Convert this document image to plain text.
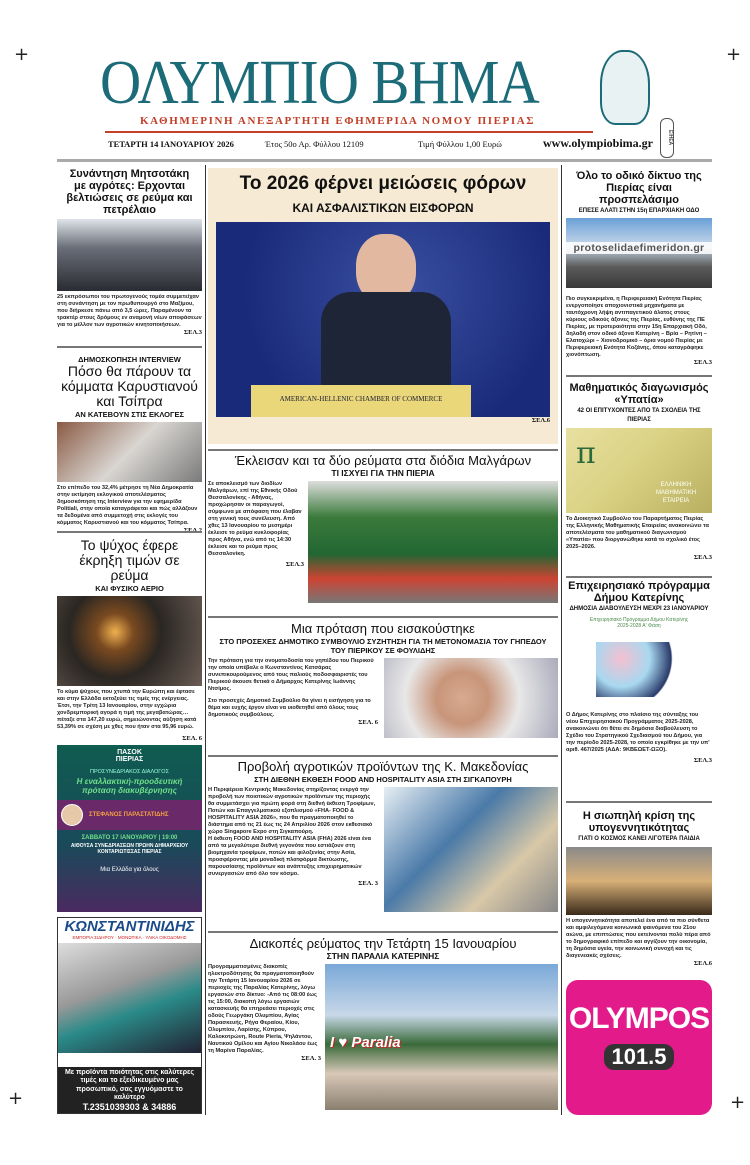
+	+
+	+
ΟΛΥΜΠΙΟ ΒΗΜΑ
ΚΑΘΗΜΕΡΙΝΗ ΑΝΕΞΑΡΤΗΤΗ ΕΦΗΜΕΡΙΔΑ ΝΟΜΟΥ ΠΙΕΡΙΑΣ
ΤΕΤΑΡΤΗ 14 ΙΑΝΟΥΑΡΙΟΥ 2026	Έτος 50ο Αρ. Φύλλου 12109	Τιμή Φύλλου 1,00 Ευρώ	www.olympiobima.gr	ΕΙΗΕΑ
Συνάντηση Μητσοτάκη με αγρότες: Ερχονται βελτιώσεις σε ρεύμα και πετρέλαιο
25 εκπρόσωποι του πρωτογενούς τομέα συμμετείχαν στη συνάντηση με τον πρωθυπουργό στο Μαξίμου, που διήρκεσε πάνω από 3,5 ώρες. Παραμένουν τα τρακτέρ στους δρόμους εν αναμονή νέων αποφάσεων για το μέλλον των αγροτικών κινητοποιήσεων.
ΣΕΛ.3
ΔΗΜΟΣΚΟΠΗΣΗ INTERVIEW
Πόσο θα πάρουν τα κόμματα Καρυστιανού και Τσίπρα
ΑΝ ΚΑΤΕΒΟΥΝ ΣΤΙΣ ΕΚΛΟΓΕΣ
Στο επίπεδο του 32,4% μέτρησε τη Νέα Δημοκρατία στην εκτίμηση εκλογικού αποτελέσματος δημοσκόπηση της Interview για την εφημερίδα Politiali, στην οποία καταγράφεται και πώς αλλάζουν τα δεδομένα από συμμετοχή στις εκλογές του κόμματος Καρυστιανού και του κόμματος Τσίπρα.
Το ψύχος έφερε έκρηξη τιμών σε ρεύμα
ΚΑΙ ΦΥΣΙΚΟ ΑΕΡΙΟ
Το κύμα ψύχους που χτυπά την Ευρώπη και έφτασε και στην Ελλάδα εκτοξεύει τις τιμές της ενέργειας. Έτσι, την Τρίτη 13 Ιανουαρίου, στην εγχώρια χονδρεμπορική αγορά η τιμή της μεγαβατώρας… πέταξε στα 147,20 ευρώ, σημειώνοντας αύξηση κατά 53,39% σε σχέση με χθες που ήταν στα 95,96 ευρώ.
ΣΕΛ. 6
ΠΑΣΟΚ
ΠΙΕΡΙΑΣ
ΠΡΟΣΥΝΕΔΡΙΑΚΟΣ ΔΙΑΛΟΓΟΣ
Η εναλλακτική-προοδευτική πρόταση διακυβέρνησης
ΣΤΕΦΑΝΟΣ ΠΑΡΑΣΤΑΤΙΔΗΣ
ΣΑΒΒΑΤΟ 17 ΙΑΝΟΥΑΡΙΟΥ | 19:00
ΑΙΘΟΥΣΑ ΣΥΝΕΔΡΙΑΣΕΩΝ ΠΡΩΗΝ ΔΗΜΑΡΧΕΙΟΥ ΚΟΝΤΑΡΙΩΤΙΣΣΑΣ ΠΙΕΡΙΑΣ
Μια Ελλάδα για όλους
ΚΩΝΣΤΑΝΤΙΝΙΔΗΣ
ΕΜΠΟΡΙΑ ΣΙΔΗΡΟΥ · ΜΟΝΩΤΙΚΑ · ΥΛΙΚΑ ΟΙΚΟΔΟΜΗΣ
Με προϊόντα ποιότητας στις καλύτερες τιμές και το εξειδικευμένο μας προσωπικό, σας εγγυόμαστε το καλύτερο
Τ.2351039303 & 34886
Το 2026 φέρνει μειώσεις φόρων
ΚΑΙ ΑΣΦΑΛΙΣΤΙΚΩΝ ΕΙΣΦΟΡΩΝ
AMERICAN-HELLENIC CHAMBER OF COMMERCE
ΣΕΛ.6
Έκλεισαν και τα δύο ρεύματα στα διόδια Μαλγάρων
ΤΙ ΙΣΧΥΕΙ ΓΙΑ ΤΗΝ ΠΙΕΡΙΑ
Σε αποκλεισμό των διοδίων Μαλγάρων, επί της Εθνικής Οδού Θεσσαλονίκης - Αθήνας, προχώρησαν οι παραγωγοί, σύμφωνα με απόφαση που έλαβαν στη γενική τους συνέλευση. Από χθες 13 Ιανουαρίου το μεσημέρι έκλεισε το ρεύμα κυκλοφορίας προς Αθήνα, ενώ από τις 14:30 έκλεισε και το ρεύμα προς Θεσσαλονίκη.
ΣΕΛ.3
Μια πρόταση που εισακούστηκε
ΣΤΟ ΠΡΟΣΕΧΕΣ ΔΗΜΟΤΙΚΟ ΣΥΜΒΟΥΛΙΟ ΣΥΖΗΤΗΣΗ ΓΙΑ ΤΗ ΜΕΤΟΝΟΜΑΣΙΑ ΤΟΥ ΓΗΠΕΔΟΥ ΤΟΥ ΠΙΕΡΙΚΟΥ ΣΕ ΦΟΥΛΙΔΗΣ
Την πρόταση για την ονοματοδοσία του γηπέδου του Πιερικού την οποία υπέβαλε ο Κωνσταντίνος Κατσάρας συνεπικουρούμενος από τους παλιούς ποδοσφαιριστές του Πιερικού άκουσε θετικά ο Δήμαρχος Κατερίνης Ιωάννης Ντσίμος.
Στο προσεχές Δημοτικό Συμβούλιο θα γίνει η εισήγηση για το θέμα και ευχής έργον είναι να υιοθετηθεί από όλους τους δημοτικούς συμβούλους.
ΣΕΛ. 6
Προβολή αγροτικών προϊόντων της Κ. Μακεδονίας
ΣΤΗ ΔΙΕΘΝΗ ΕΚΘΕΣΗ FOOD AND HOSPITALITY ASIA ΣΤΗ ΣΙΓΚΑΠΟΥΡΗ
Η Περιφέρεια Κεντρικής Μακεδονίας στηρίζοντας ενεργά την προβολή των ποιοτικών αγροτικών προϊόντων της περιοχής θα συμμετάσχει για πρώτη φορά στη διεθνή έκθεση Τροφίμων, Ποτών και Επαγγελματικού εξοπλισμού «FHA- FOOD & HOSPITALITY ASIA 2026», που θα πραγματοποιηθεί το διάστημα από τις 21 έως τις 24 Απριλίου 2026 στον εκθεσιακό χώρο Singapore Expo στη Σιγκαπούρη.
Η έκθεση FOOD AND HOSPITALITY ASIA (FHA) 2026 είναι ένα από τα μεγαλύτερα διεθνή γεγονότα που εστιάζουν στη βιομηχανία τροφίμων, ποτών και φιλοξενίας στην Ασία, προσφέροντας μία μοναδική πλατφόρμα δικτύωσης, παρουσίασης προϊόντων και ανάπτυξης επιχειρηματικών συνεργασιών από όλο τον κόσμο.
ΣΕΛ. 3
Διακοπές ρεύματος την Τετάρτη 15 Ιανουαρίου
ΣΤΗΝ ΠΑΡΑΛΙΑ ΚΑΤΕΡΙΝΗΣ
Προγραμματισμένες διακοπές ηλεκτροδότησης θα πραγματοποιηθούν την Τετάρτη 15 Ιανουαρίου 2026 σε περιοχές της Παραλίας Κατερίνης, λόγω εργασιών στο δίκτυο: -Από τις 08:00 έως τις 15:00, διακοπή λόγω εργασιών κατασκευής θα επηρεάσει περιοχές στις οδούς Γεωργάκη Ολυμπίου, Αγίας Παρασκευής, Ρήγα Φεραίου, Κίου, Ολυμπίου, Λαρίσης, Κύπρου, Καλοκοτρώνη, Route Pieria, Ψηλάντου, Ναυτικού Ομίλου και Αγίου Νικολάου έως τη Μαρίνα Παραλίας.
ΣΕΛ. 3
I ♥ Paralia
Όλο το οδικό δίκτυο της Πιερίας είναι προσπελάσιμο
ΕΠΕΣΕ ΑΛΑΤΙ ΣΤΗΝ 15η ΕΠΑΡΧΙΑΚΗ ΟΔΟ
protoselidaefimeridon.gr
Πιο συγκεκριμένα, η Περιφερειακή Ενότητα Πιερίας ενεργοποίησε αποχιονιστικά μηχανήματα με ταυτόχρονη λήψη αντιπαγετικού άλατος στους κύριους οδικούς άξονες της Πιερίας, ευθύνης της ΠΕ Πιερίας, με προτεραιότητα στην 15η Επαρχιακή Οδό, δηλαδή στον οδικό άξονα Κατερίνη – Βρία – Ρητίνη – Ελατοχώρι – Χιονοδρομικό – όρια νομού Πιερίας με Περιφερειακή Ενότητα Κοζάνης, όπου καταγράφηκε χιονόπτωση.
ΣΕΛ.3
Μαθηματικός διαγωνισμός «Υπατία»
42 ΟΙ ΕΠΙΤΥΧΟΝΤΕΣ ΑΠΟ ΤΑ ΣΧΟΛΕΙΑ ΤΗΣ ΠΙΕΡΙΑΣ
π
ΕΛΛΗΝΙΚΗ ΜΑΘΗΜΑΤΙΚΗ ΕΤΑΙΡΕΙΑ
Το Διοικητικό Συμβούλιο του Παραρτήματος Πιερίας της Ελληνικής Μαθηματικής Εταιρείας ανακοινώνει τα αποτελέσματα του μαθηματικού διαγωνισμού «Υπατία» που διοργανώθηκε κατά το σχολικό έτος 2025–2026.
ΣΕΛ.3
Επιχειρησιακό πρόγραμμα Δήμου Κατερίνης
ΔΗΜΟΣΙΑ ΔΙΑΒΟΥΛΕΥΣΗ ΜΕΧΡΙ 23 ΙΑΝΟΥΑΡΙΟΥ
Επιχειρησιακό Πρόγραμμα Δήμου Κατερίνης 2025-2028 Α' Φάση
Ο Δήμος Κατερίνης στο πλαίσιο της σύνταξης του νέου Επιχειρησιακού Προγράμματος 2025-2028, ανακοινώνει ότι θέτει σε δημόσια διαβούλευση το Σχέδιο του Στρατηγικού Σχεδιασμού του Δήμου, για την περίοδο 2025-2028, το οποίο εγκρίθηκε με την υπ' αριθ. 467/2025 (ΑΔΑ: 9ΚΒΕΩΕΤ-ΩΞΟ).
ΣΕΛ.3
Η σιωπηλή κρίση της υπογεννητικότητας
ΓΙΑΤΙ Ο ΚΟΣΜΟΣ ΚΑΝΕΙ ΛΙΓΟΤΕΡΑ ΠΑΙΔΙΑ
Η υπογεννητικότητα αποτελεί ένα από τα πιο σύνθετα και αμφιλεγόμενα κοινωνικά φαινόμενα του 21ου αιώνα, με επιπτώσεις που εκτείνονται πολύ πέρα από το δημογραφικό επίπεδο και αγγίζουν την οικονομία, τη δημόσια υγεία, την κοινωνική συνοχή και τις διαγενεακές σχέσεις.
ΣΕΛ.6
OLYMPOS
101.5
